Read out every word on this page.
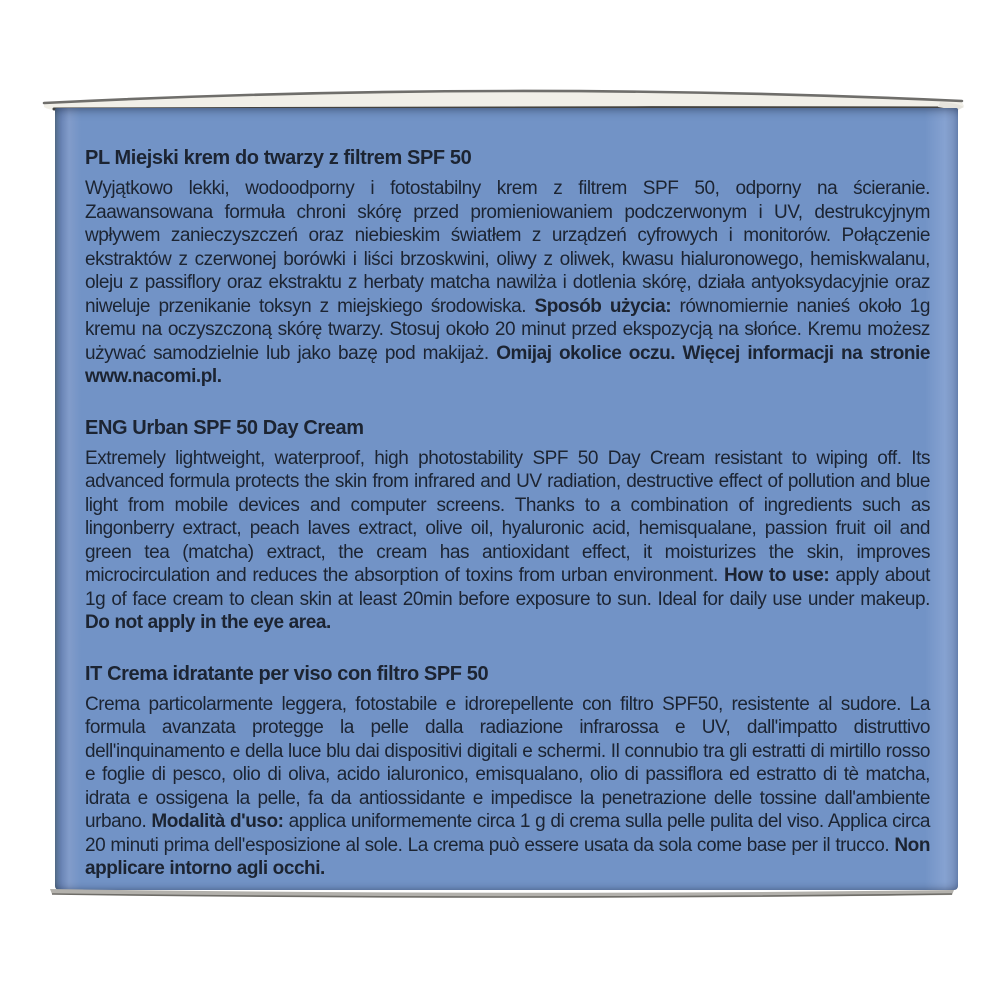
PL Miejski krem do twarzy z filtrem SPF 50

Wyjątkowo lekki, wodoodporny i fotostabilny krem z filtrem SPF 50, odporny na ścieranie. Zaawansowana formuła chroni skórę przed promieniowaniem podczerwonym i UV, destrukcyjnym wpływem zanieczyszczeń oraz niebieskim światłem z urządzeń cyfrowych i monitorów. Połączenie ekstraktów z czerwonej borówki i liści brzoskwini, oliwy z oliwek, kwasu hialuronowego, hemiskwalanu, oleju z passiflory oraz ekstraktu z herbaty matcha nawilża i dotlenia skórę, działa antyoksydacyjnie oraz niweluje przenikanie toksyn z miejskiego środowiska. Sposób użycia: równomiernie nanieś około 1g kremu na oczyszczoną skórę twarzy. Stosuj około 20 minut przed ekspozycją na słońce. Kremu możesz używać samodzielnie lub jako bazę pod makijaż. Omijaj okolice oczu. Więcej informacji na stronie www.nacomi.pl.

ENG Urban SPF 50 Day Cream

Extremely lightweight, waterproof, high photostability SPF 50 Day Cream resistant to wiping off. Its advanced formula protects the skin from infrared and UV radiation, destructive effect of pollution and blue light from mobile devices and computer screens. Thanks to a combination of ingredients such as lingonberry extract, peach laves extract, olive oil, hyaluronic acid, hemisqualane, passion fruit oil and green tea (matcha) extract, the cream has antioxidant effect, it moisturizes the skin, improves microcirculation and reduces the absorption of toxins from urban environment. How to use: apply about 1g of face cream to clean skin at least 20min before exposure to sun. Ideal for daily use under makeup. Do not apply in the eye area.

IT Crema idratante per viso con filtro SPF 50

Crema particolarmente leggera, fotostabile e idrorepellente con filtro SPF50, resistente al sudore. La formula avanzata protegge la pelle dalla radiazione infrarossa e UV, dall'impatto distruttivo dell'inquinamento e della luce blu dai dispositivi digitali e schermi. Il connubio tra gli estratti di mirtillo rosso e foglie di pesco, olio di oliva, acido ialuronico, emisqualano, olio di passiflora ed estratto di tè matcha, idrata e ossigena la pelle, fa da antiossidante e impedisce la penetrazione delle tossine dall'ambiente urbano. Modalità d'uso: applica uniformemente circa 1 g di crema sulla pelle pulita del viso. Applica circa 20 minuti prima dell'esposizione al sole. La crema può essere usata da sola come base per il trucco. Non applicare intorno agli occhi.
